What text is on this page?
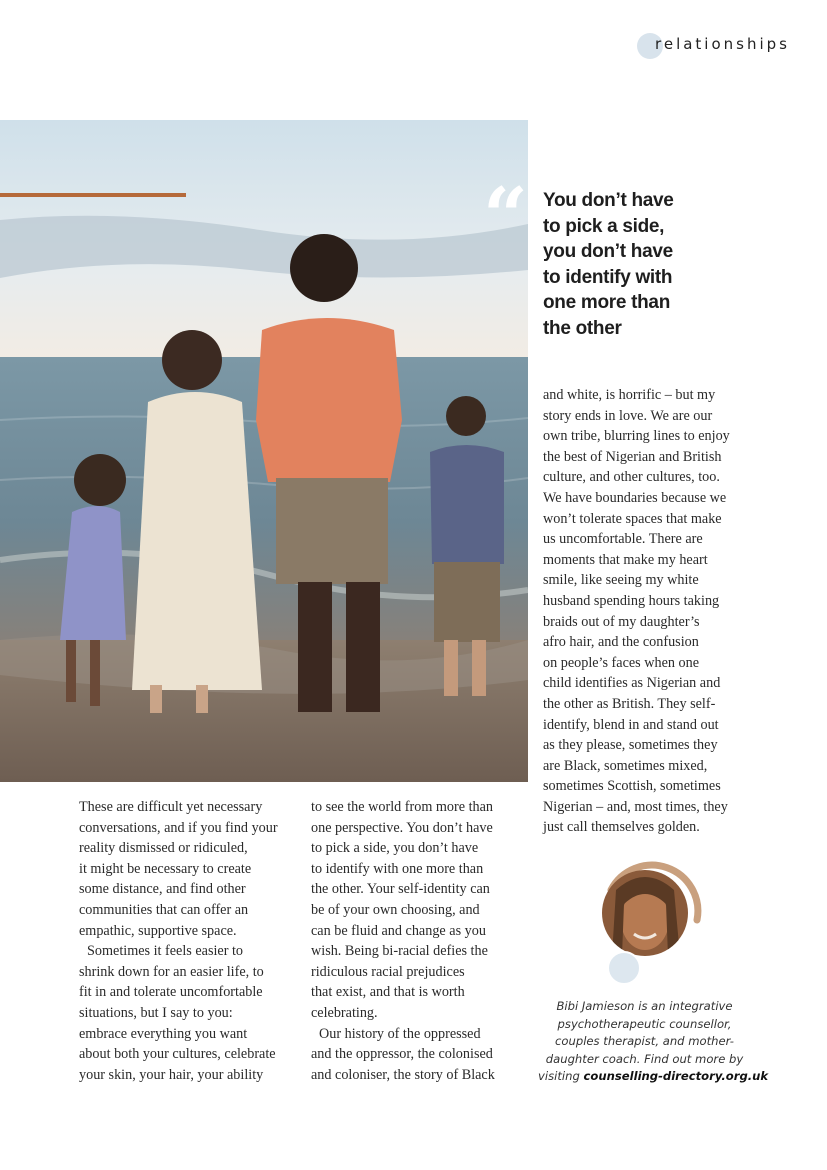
relationships
“ You don’t have
to pick a side,
you don’t have
to identify with
one more than
the other
and white, is horrific – but my
story ends in love. We are our
own tribe, blurring lines to enjoy
the best of Nigerian and British
culture, and other cultures, too.
We have boundaries because we
won’t tolerate spaces that make
us uncomfortable. There are
moments that make my heart
smile, like seeing my white
husband spending hours taking
braids out of my daughter’s
afro hair, and the confusion
on people’s faces when one
child identifies as Nigerian and
the other as British. They self-
identify, blend in and stand out
as they please, sometimes they
are Black, sometimes mixed,
sometimes Scottish, sometimes
Nigerian – and, most times, they
just call themselves golden.
These are difficult yet necessary
conversations, and if you find your
reality dismissed or ridiculed,
it might be necessary to create
some distance, and find other
communities that can offer an
empathic, supportive space.
Sometimes it feels easier to
shrink down for an easier life, to
fit in and tolerate uncomfortable
situations, but I say to you:
embrace everything you want
about both your cultures, celebrate
your skin, your hair, your ability
to see the world from more than
one perspective. You don’t have
to pick a side, you don’t have
to identify with one more than
the other. Your self-identity can
be of your own choosing, and
can be fluid and change as you
wish. Being bi-racial defies the
ridiculous racial prejudices
that exist, and that is worth
celebrating.
Our history of the oppressed
and the oppressor, the colonised
and coloniser, the story of Black
Bibi Jamieson is an integrative
psychotherapeutic counsellor,
couples therapist, and mother-
daughter coach. Find out more by
visiting counselling-directory.org.uk
